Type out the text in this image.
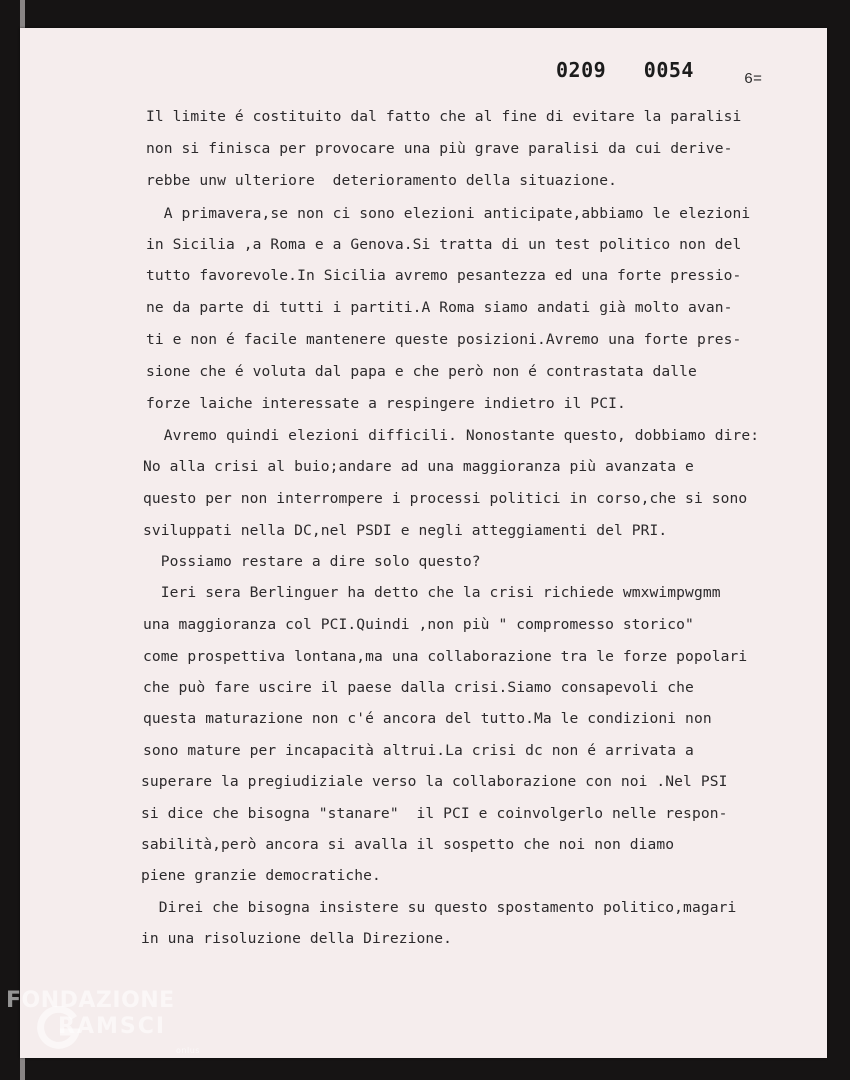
0209   0054	6=
Il limite é costituito dal fatto che al fine di evitare la paralisi
non si finisca per provocare una più grave paralisi da cui derive-
rebbe unw ulteriore  deterioramento della situazione.
A primavera,se non ci sono elezioni anticipate,abbiamo le elezioni
in Sicilia ,a Roma e a Genova.Si tratta di un test politico non del
tutto favorevole.In Sicilia avremo pesantezza ed una forte pressio-
ne da parte di tutti i partiti.A Roma siamo andati già molto avan-
ti e non é facile mantenere queste posizioni.Avremo una forte pres-
sione che é voluta dal papa e che però non é contrastata dalle
forze laiche interessate a respingere indietro il PCI.
Avremo quindi elezioni difficili. Nonostante questo, dobbiamo dire:
No alla crisi al buio;andare ad una maggioranza più avanzata e
questo per non interrompere i processi politici in corso,che si sono
sviluppati nella DC,nel PSDI e negli atteggiamenti del PRI.
Possiamo restare a dire solo questo?
Ieri sera Berlinguer ha detto che la crisi richiede wmxwimpwgmm
una maggioranza col PCI.Quindi ,non più " compromesso storico"
come prospettiva lontana,ma una collaborazione tra le forze popolari
che può fare uscire il paese dalla crisi.Siamo consapevoli che
questa maturazione non c'é ancora del tutto.Ma le condizioni non
sono mature per incapacità altrui.La crisi dc non é arrivata a
superare la pregiudiziale verso la collaborazione con noi .Nel PSI
si dice che bisogna "stanare"  il PCI e coinvolgerlo nelle respon-
sabilità,però ancora si avalla il sospetto che noi non diamo
piene granzie democratiche.
Direi che bisogna insistere su questo spostamento politico,magari
in una risoluzione della Direzione.
FONDAZIONE
RAMSCI
onlus
